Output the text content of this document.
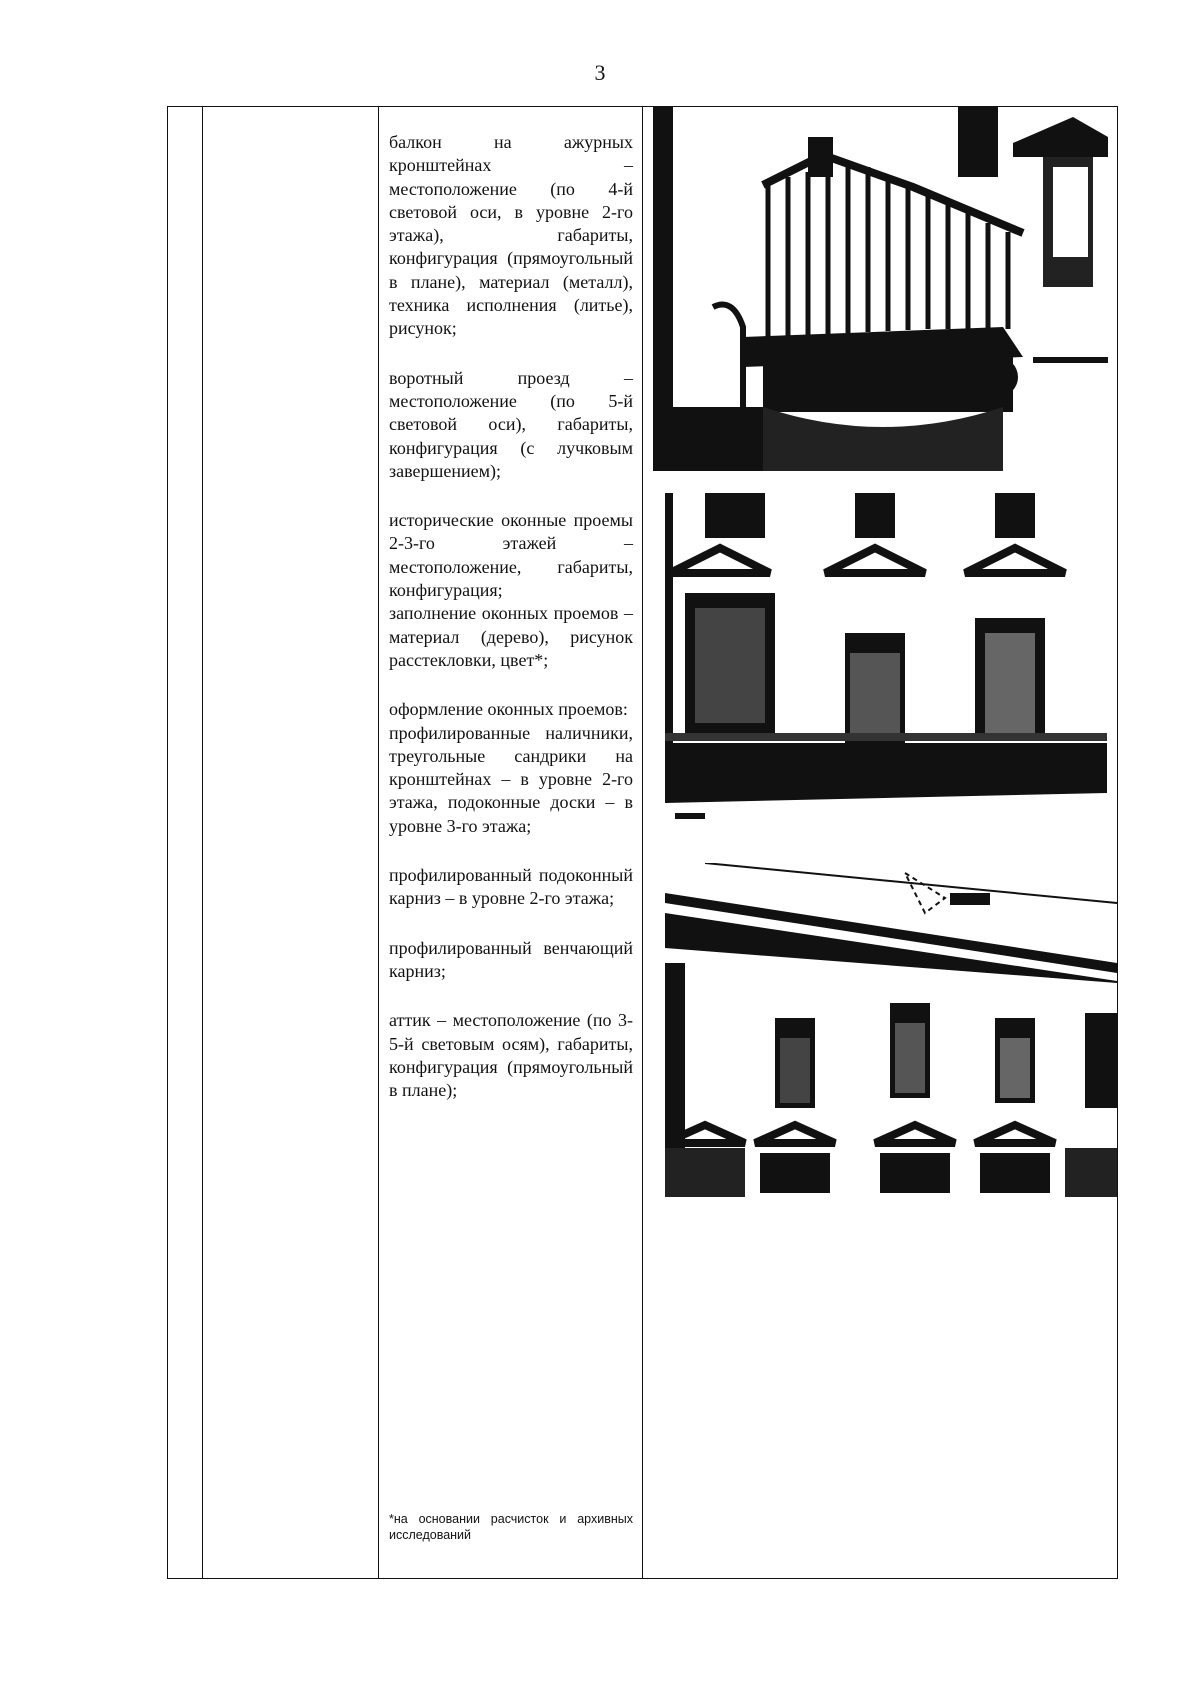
3

балкон на ажурных кронштейнах – местоположение (по 4-й световой оси, в уровне 2-го этажа), габариты, конфигурация (прямоугольный в плане), материал (металл), техника исполнения (литье), рисунок;

воротный проезд – местоположение (по 5-й световой оси), габариты, конфигурация (с лучковым завершением);

исторические оконные проемы 2-3-го этажей – местоположение, габариты, конфигурация;

заполнение оконных проемов – материал (дерево), рисунок расстекловки, цвет*;

оформление оконных проемов:

профилированные наличники, треугольные сандрики на кронштейнах – в уровне 2-го этажа, подоконные доски – в уровне 3-го этажа;

профилированный подоконный карниз – в уровне 2-го этажа;

профилированный венчающий карниз;

аттик – местоположение (по 3-5-й световым осям), габариты, конфигурация (прямоугольный в плане);

*на основании расчисток и архивных исследований
